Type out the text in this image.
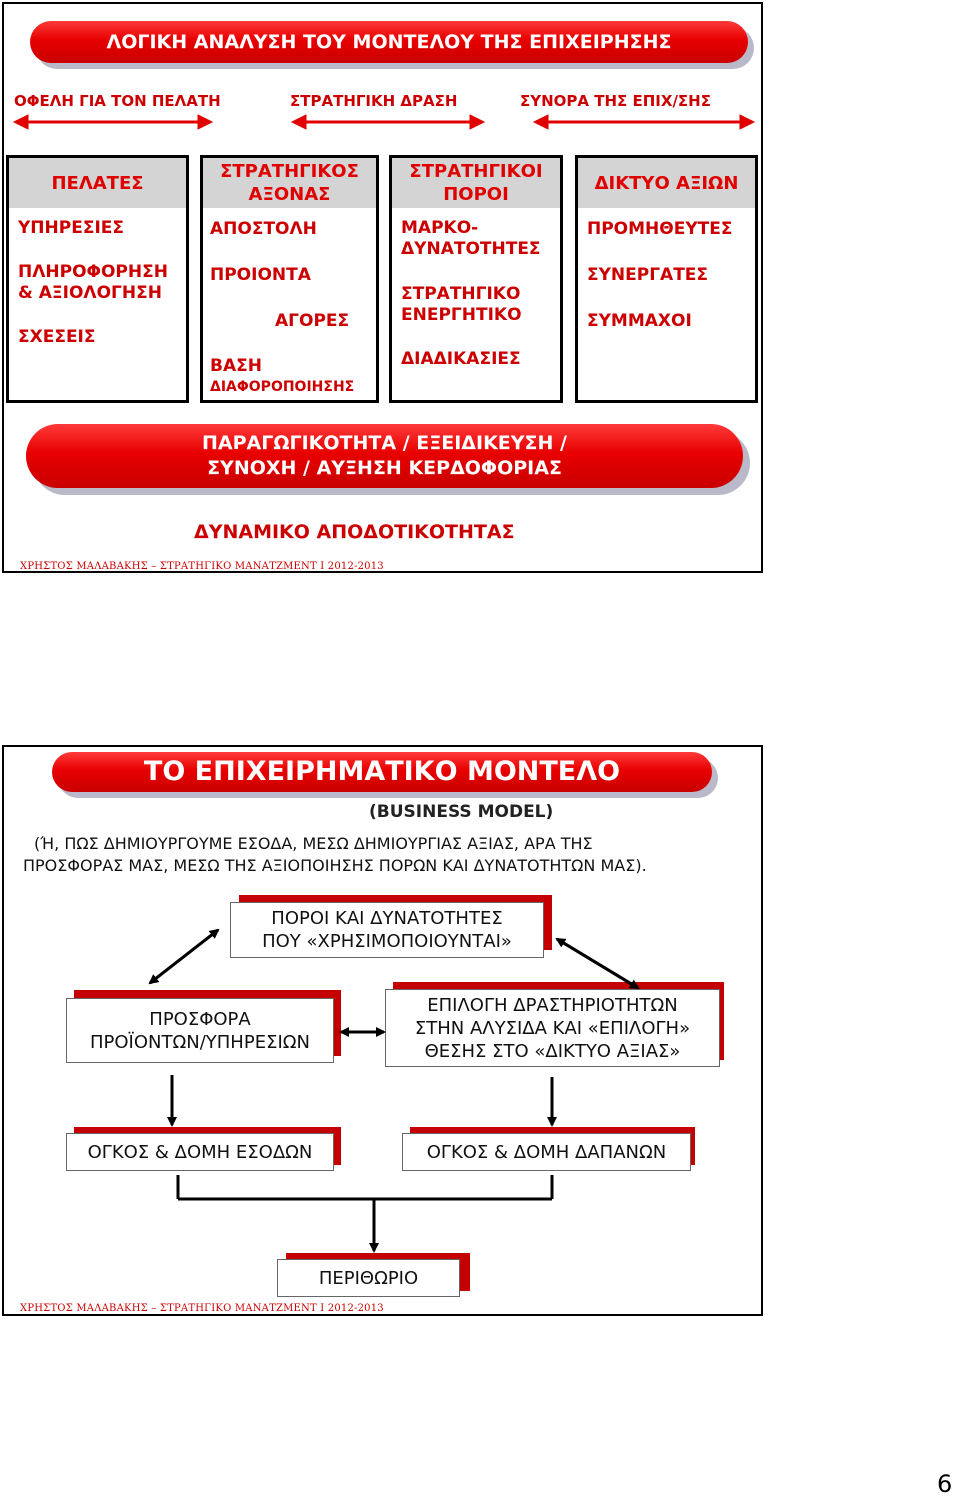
ΛΟΓΙΚΗ ΑΝΑΛΥΣΗ ΤΟΥ ΜΟΝΤΕΛΟΥ ΤΗΣ ΕΠΙΧΕΙΡΗΣΗΣ
ΟΦΕΛΗ ΓΙΑ ΤΟΝ ΠΕΛΑΤΗ	ΣΤΡΑΤΗΓΙΚΗ ΔΡΑΣΗ	ΣΥΝΟΡΑ ΤΗΣ ΕΠΙΧ/ΣΗΣ
ΠΕΛΑΤΕΣ
ΥΠΗΡΕΣΙΕΣ
ΠΛΗΡΟΦΟΡΗΣΗ & ΑΞΙΟΛΟΓΗΣΗ
ΣΧΕΣΕΙΣ
ΣΤΡΑΤΗΓΙΚΟΣ ΑΞΟΝΑΣ
ΑΠΟΣΤΟΛΗ
ΠΡΟΙΟΝΤΑ
ΑΓΟΡΕΣ
ΒΑΣΗ
ΔΙΑΦΟΡΟΠΟΙΗΣΗΣ
ΣΤΡΑΤΗΓΙΚΟΙ ΠΟΡΟΙ
ΜΑΡΚΟ-ΔΥΝΑΤΟΤΗΤΕΣ
ΣΤΡΑΤΗΓΙΚΟ ΕΝΕΡΓΗΤΙΚΟ
ΔΙΑΔΙΚΑΣΙΕΣ
ΔΙΚΤΥΟ ΑΞΙΩΝ
ΠΡΟΜΗΘΕΥΤΕΣ
ΣΥΝΕΡΓΑΤΕΣ
ΣΥΜΜΑΧΟΙ
ΠΑΡΑΓΩΓΙΚΟΤΗΤΑ / ΕΞΕΙΔΙΚΕΥΣΗ /
ΣΥΝΟΧΗ / ΑΥΞΗΣΗ ΚΕΡΔΟΦΟΡΙΑΣ
ΔΥΝΑΜΙΚΟ ΑΠΟΔΟΤΙΚΟΤΗΤΑΣ
ΧΡΗΣΤΟΣ ΜΑΛΑΒΑΚΗΣ – ΣΤΡΑΤΗΓΙΚΟ ΜΑΝΑΤΖΜΕΝΤ Ι 2012-2013
ΤΟ ΕΠΙΧΕΙΡΗΜΑΤΙΚΟ ΜΟΝΤΕΛΟ
(BUSINESS MODEL)
(Ή, ΠΩΣ ΔΗΜΙΟΥΡΓΟΥΜΕ ΕΣΟΔΑ, ΜΕΣΩ ΔΗΜΙΟΥΡΓΙΑΣ ΑΞΙΑΣ, ΑΡΑ ΤΗΣ
ΠΡΟΣΦΟΡΑΣ ΜΑΣ, ΜΕΣΩ ΤΗΣ ΑΞΙΟΠΟΙΗΣΗΣ ΠΟΡΩΝ ΚΑΙ ΔΥΝΑΤΟΤΗΤΩΝ ΜΑΣ).
ΠΟΡΟΙ ΚΑΙ ΔΥΝΑΤΟΤΗΤΕΣ
ΠΟΥ «ΧΡΗΣΙΜΟΠΟΙΟΥΝΤΑΙ»
ΠΡΟΣΦΟΡΑ
ΠΡΟΪΟΝΤΩΝ/ΥΠΗΡΕΣΙΩΝ
ΕΠΙΛΟΓΗ ΔΡΑΣΤΗΡΙΟΤΗΤΩΝ
ΣΤΗΝ ΑΛΥΣΙΔΑ ΚΑΙ «ΕΠΙΛΟΓΗ»
ΘΕΣΗΣ ΣΤΟ «ΔΙΚΤΥΟ ΑΞΙΑΣ»
ΟΓΚΟΣ & ΔΟΜΗ ΕΣΟΔΩΝ	ΟΓΚΟΣ & ΔΟΜΗ ΔΑΠΑΝΩΝ
ΠΕΡΙΘΩΡΙΟ
ΧΡΗΣΤΟΣ ΜΑΛΑΒΑΚΗΣ – ΣΤΡΑΤΗΓΙΚΟ ΜΑΝΑΤΖΜΕΝΤ Ι 2012-2013
6
